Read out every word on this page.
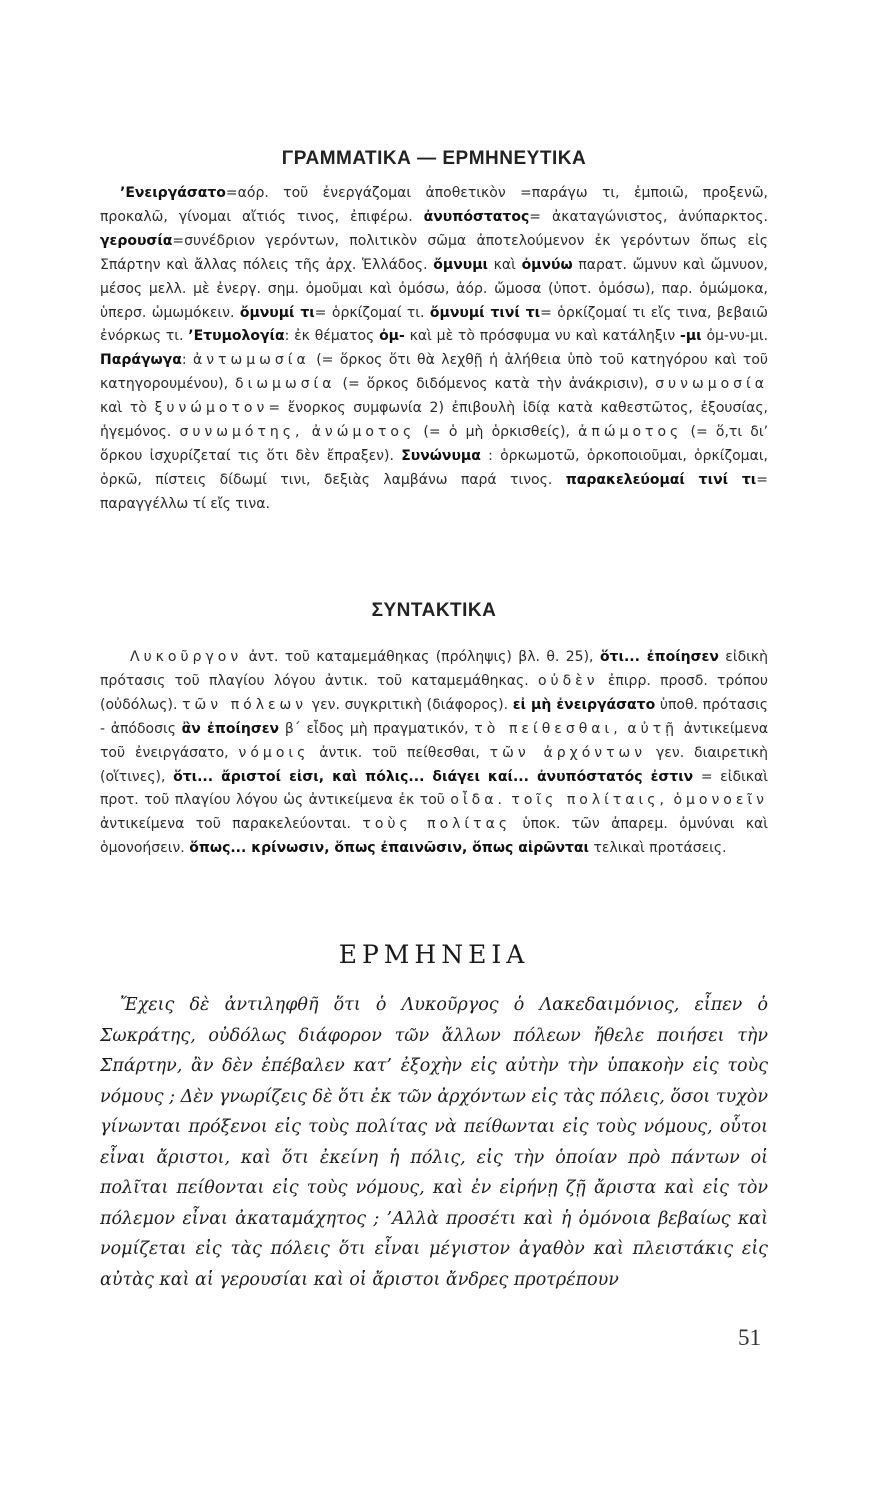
ΓΡΑΜΜΑΤΙΚΑ — ΕΡΜΗΝΕΥΤΙΚΑ
’Ενειργάσατο=αόρ. τοῦ ἐνεργάζομαι ἀποθετικὸν =παράγω τι, ἐμποιῶ, προξενῶ, προκαλῶ, γίνομαι αἴτιός τινος, ἐπιφέρω. ἀνυπόστατος= ἀκαταγώνιστος, ἀνύπαρκτος. γερουσία=συνέδριον γερόντων, πολιτικὸν σῶμα ἀποτελούμενον ἐκ γερόντων ὅπως εἰς Σπάρτην καὶ ἄλλας πόλεις τῆς ἀρχ. Ἑλλάδος. ὄμνυμι καὶ ὀμνύω παρατ. ὤμνυν καὶ ὤμνυον, μέσος μελλ. μὲ ἐνεργ. σημ. ὀμοῦμαι καὶ ὀμόσω, ἀόρ. ὤμοσα (ὑποτ. ὀμόσω), παρ. ὀμώμοκα, ὑπερσ. ὠμωμόκειν. ὄμνυμί τι= ὁρκίζομαί τι. ὄμνυμί τινί τι= ὁρκίζομαί τι εἴς τινα, βεβαιῶ ἐνόρκως τι. ’Ετυμολογία: ἐκ θέματος ὀμ- καὶ μὲ τὸ πρόσφυμα νυ καὶ κατάληξιν -μι ὀμ-νυ-μι. Παράγωγα: ἀντωμωσία (= ὅρκος ὅτι θὰ λεχθῇ ἡ ἀλήθεια ὑπὸ τοῦ κατηγόρου καὶ τοῦ κατηγορουμένου), διωμωσία (= ὅρκος διδόμενος κατὰ τὴν ἀνάκρισιν), συνωμοσία καὶ τὸ ξυνώμοτον= ἔνορκος συμφωνία 2) ἐπιβουλὴ ἰδίᾳ κατὰ καθεστῶτος, ἐξουσίας, ἡγεμόνος. συνωμότης, ἀνώμοτος (= ὁ μὴ ὁρκισθείς), ἀπώμοτος (= ὅ,τι δι’ ὅρκου ἰσχυρίζεταί τις ὅτι δὲν ἔπραξεν). Συνώνυμα : ὁρκωμοτῶ, ὁρκοποιοῦμαι, ὁρκίζομαι, ὁρκῶ, πίστεις δίδωμί τινι, δεξιὰς λαμβάνω παρά τινος. παρακελεύομαί τινί τι= παραγγέλλω τί εἴς τινα.
ΣΥΝΤΑΚΤΙΚΑ
Λυκοῦργον ἀντ. τοῦ καταμεμάθηκας (πρόληψις) βλ. θ. 25), ὅτι... ἐποίησεν εἰδικὴ πρότασις τοῦ πλαγίου λόγου ἀντικ. τοῦ καταμεμάθηκας. οὐδὲν ἐπιρρ. προσδ. τρόπου (οὐδόλως). τῶν πόλεων γεν. συγκριτικὴ (διάφορος). εἰ μὴ ἐνειργάσατο ὑποθ. πρότασις - ἀπόδοσις ἂν ἐποίησεν β΄ εἶδος μὴ πραγματικόν, τὸ πείθεσθαι, αὐτῇ ἀντικείμενα τοῦ ἐνειργάσατο, νόμοις ἀντικ. τοῦ πείθεσθαι, τῶν ἀρχόντων γεν. διαιρετικὴ (οἵτινες), ὅτι... ἄριστοί εἰσι, καὶ πόλις... διάγει καί... ἀνυπόστατός ἐστιν = εἰδικαὶ προτ. τοῦ πλαγίου λόγου ὡς ἀντικείμενα ἐκ τοῦ οἶδα. τοῖς πολίταις, ὁμονοεῖν ἀντικείμενα τοῦ παρακελεύονται. τοὺς πολίτας ὑποκ. τῶν ἀπαρεμ. ὀμνύναι καὶ ὁμονοήσειν. ὅπως... κρίνωσιν, ὅπως ἐπαινῶσιν, ὅπως αἱρῶνται τελικαὶ προτάσεις.
ΕΡΜΗΝΕΙΑ
Ἔχεις δὲ ἀντιληφθῆ ὅτι ὁ Λυκοῦργος ὁ Λακεδαιμόνιος, εἶπεν ὁ Σωκράτης, οὐδόλως διάφορον τῶν ἄλλων πόλεων ἤθελε ποιήσει τὴν Σπάρτην, ἂν δὲν ἐπέβαλεν κατ’ ἐξοχὴν εἰς αὐτὴν τὴν ὑπακοὴν εἰς τοὺς νόμους ; Δὲν γνωρίζεις δὲ ὅτι ἐκ τῶν ἀρχόντων εἰς τὰς πόλεις, ὅσοι τυχὸν γίνωνται πρόξενοι εἰς τοὺς πολίτας νὰ πείθωνται εἰς τοὺς νόμους, οὗτοι εἶναι ἄριστοι, καὶ ὅτι ἐκείνη ἡ πόλις, εἰς τὴν ὁποίαν πρὸ πάντων οἱ πολῖται πείθονται εἰς τοὺς νόμους, καὶ ἐν εἰρήνῃ ζῇ ἄριστα καὶ εἰς τὸν πόλεμον εἶναι ἀκαταμάχητος ; ’Αλλὰ προσέτι καὶ ἡ ὁμόνοια βεβαίως καὶ νομίζεται εἰς τὰς πόλεις ὅτι εἶναι μέγιστον ἀγαθὸν καὶ πλειστάκις εἰς αὐτὰς καὶ αἱ γερουσίαι καὶ οἱ ἄριστοι ἄνδρες προτρέπουν
51
